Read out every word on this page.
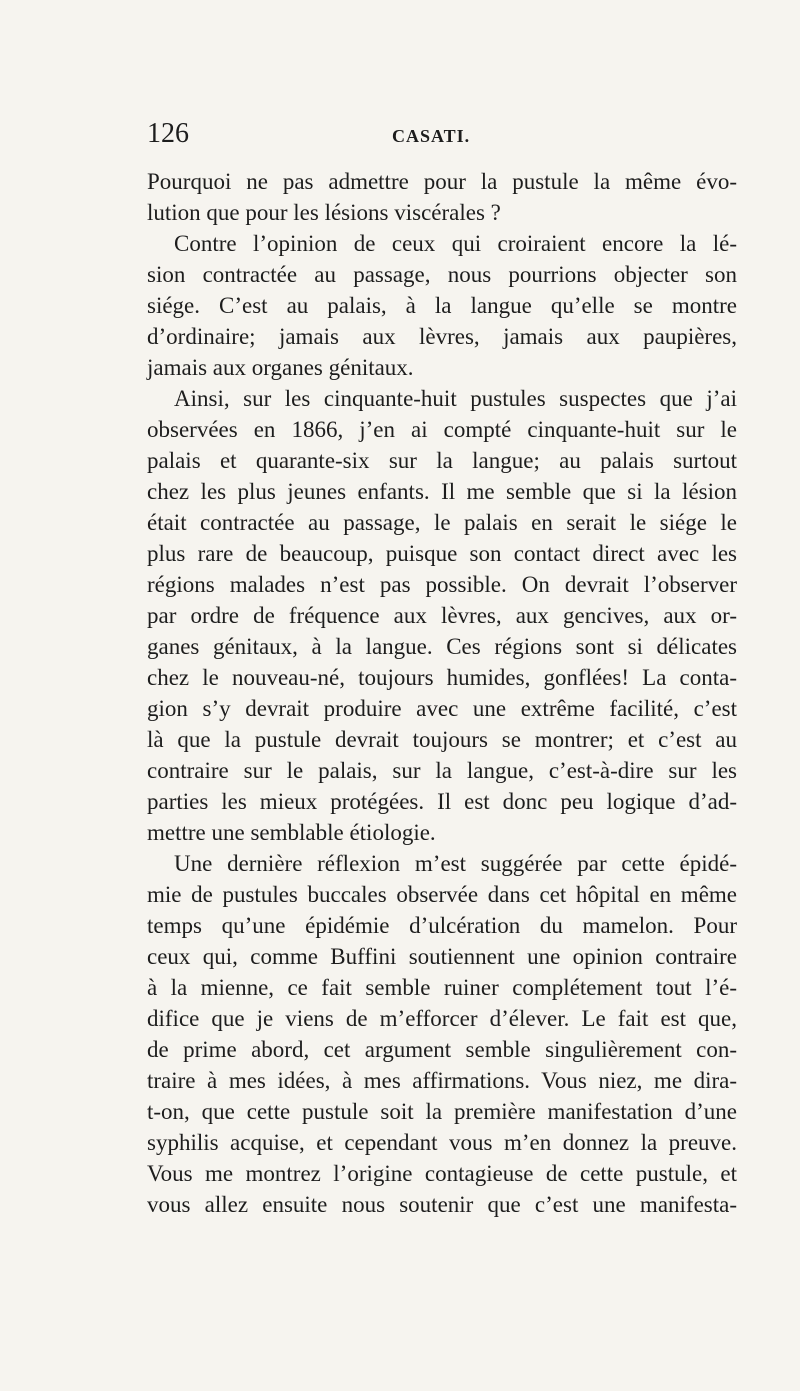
126	CASATI.
Pourquoi ne pas admettre pour la pustule la même évo-
lution que pour les lésions viscérales ?
Contre l’opinion de ceux qui croiraient encore la lé-
sion contractée au passage, nous pourrions objecter son
siége. C’est au palais, à la langue qu’elle se montre
d’ordinaire; jamais aux lèvres, jamais aux paupières,
jamais aux organes génitaux.
Ainsi, sur les cinquante-huit pustules suspectes que j’ai
observées en 1866, j’en ai compté cinquante-huit sur le
palais et quarante-six sur la langue; au palais surtout
chez les plus jeunes enfants. Il me semble que si la lésion
était contractée au passage, le palais en serait le siége le
plus rare de beaucoup, puisque son contact direct avec les
régions malades n’est pas possible. On devrait l’observer
par ordre de fréquence aux lèvres, aux gencives, aux or-
ganes génitaux, à la langue. Ces régions sont si délicates
chez le nouveau-né, toujours humides, gonflées! La conta-
gion s’y devrait produire avec une extrême facilité, c’est
là que la pustule devrait toujours se montrer; et c’est au
contraire sur le palais, sur la langue, c’est-à-dire sur les
parties les mieux protégées. Il est donc peu logique d’ad-
mettre une semblable étiologie.
Une dernière réflexion m’est suggérée par cette épidé-
mie de pustules buccales observée dans cet hôpital en même
temps qu’une épidémie d’ulcération du mamelon. Pour
ceux qui, comme Buffini soutiennent une opinion contraire
à la mienne, ce fait semble ruiner complétement tout l’é-
difice que je viens de m’efforcer d’élever. Le fait est que,
de prime abord, cet argument semble singulièrement con-
traire à mes idées, à mes affirmations. Vous niez, me dira-
t-on, que cette pustule soit la première manifestation d’une
syphilis acquise, et cependant vous m’en donnez la preuve.
Vous me montrez l’origine contagieuse de cette pustule, et
vous allez ensuite nous soutenir que c’est une manifesta-
